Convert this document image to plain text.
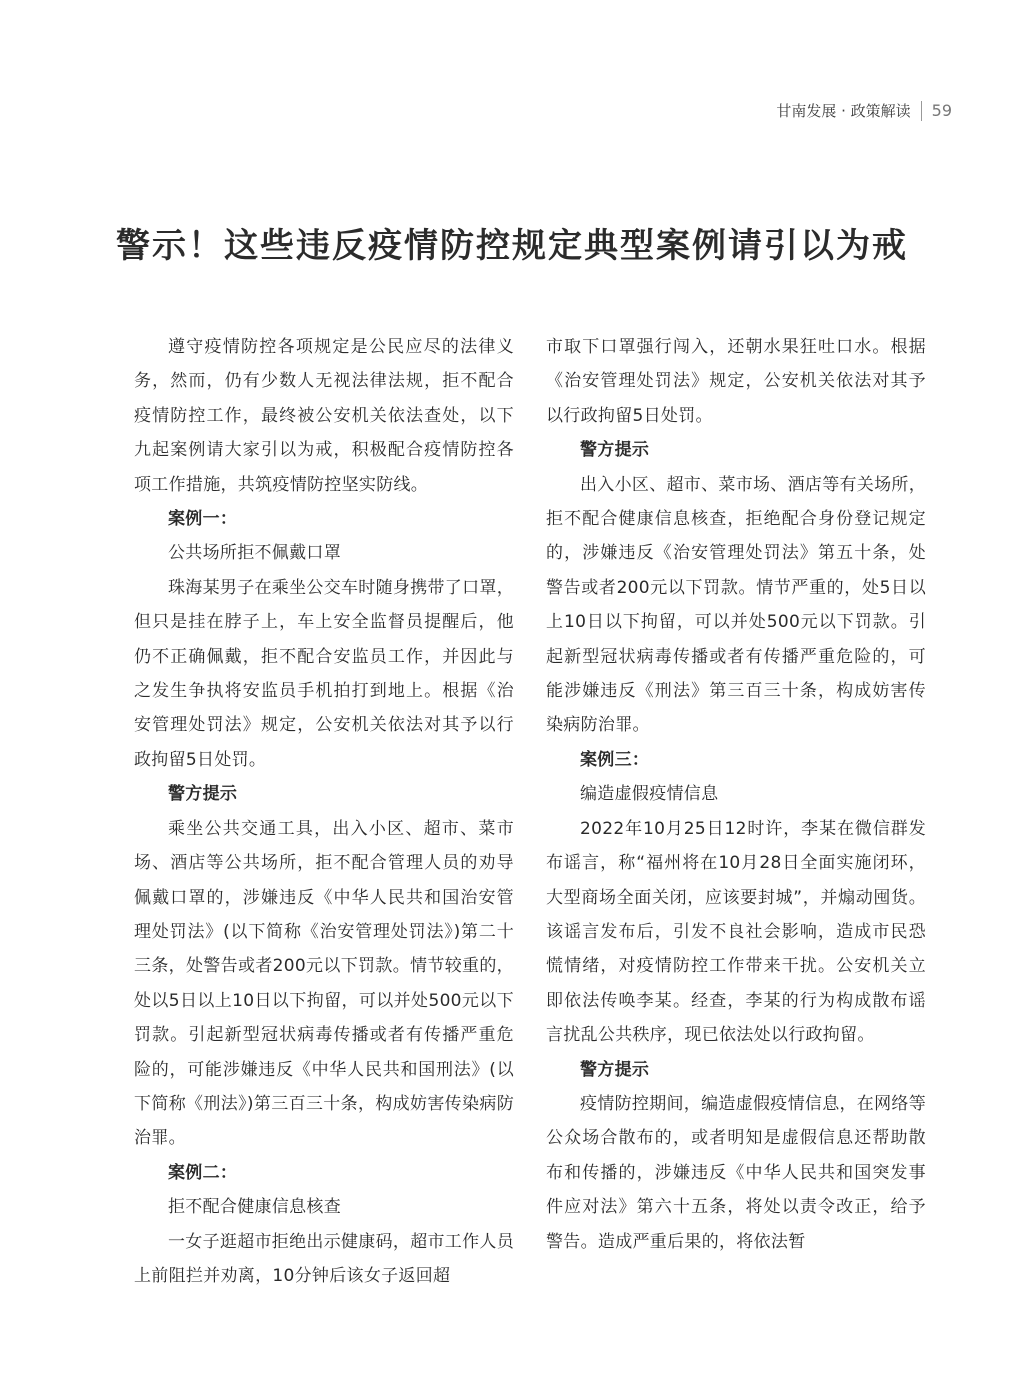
甘南发展 · 政策解读 59
警示！这些违反疫情防控规定典型案例请引以为戒

遵守疫情防控各项规定是公民应尽的法律义务，然而，仍有少数人无视法律法规，拒不配合疫情防控工作，最终被公安机关依法查处，以下九起案例请大家引以为戒，积极配合疫情防控各项工作措施，共筑疫情防控坚实防线。

案例一：

公共场所拒不佩戴口罩

珠海某男子在乘坐公交车时随身携带了口罩，但只是挂在脖子上，车上安全监督员提醒后，他仍不正确佩戴，拒不配合安监员工作，并因此与之发生争执将安监员手机拍打到地上。根据《治安管理处罚法》规定，公安机关依法对其予以行政拘留5日处罚。

警方提示

乘坐公共交通工具，出入小区、超市、菜市场、酒店等公共场所，拒不配合管理人员的劝导佩戴口罩的，涉嫌违反《中华人民共和国治安管理处罚法》(以下简称《治安管理处罚法》)第二十三条，处警告或者200元以下罚款。情节较重的，处以5日以上10日以下拘留，可以并处500元以下罚款。引起新型冠状病毒传播或者有传播严重危险的，可能涉嫌违反《中华人民共和国刑法》(以下简称《刑法》)第三百三十条，构成妨害传染病防治罪。

案例二：

拒不配合健康信息核查

一女子逛超市拒绝出示健康码，超市工作人员上前阻拦并劝离，10分钟后该女子返回超

市取下口罩强行闯入，还朝水果狂吐口水。根据《治安管理处罚法》规定，公安机关依法对其予以行政拘留5日处罚。

警方提示

出入小区、超市、菜市场、酒店等有关场所，拒不配合健康信息核查，拒绝配合身份登记规定的，涉嫌违反《治安管理处罚法》第五十条，处警告或者200元以下罚款。情节严重的，处5日以上10日以下拘留，可以并处500元以下罚款。引起新型冠状病毒传播或者有传播严重危险的，可能涉嫌违反《刑法》第三百三十条，构成妨害传染病防治罪。

案例三：

编造虚假疫情信息

2022年10月25日12时许，李某在微信群发布谣言，称“福州将在10月28日全面实施闭环，大型商场全面关闭，应该要封城”，并煽动囤货。该谣言发布后，引发不良社会影响，造成市民恐慌情绪，对疫情防控工作带来干扰。公安机关立即依法传唤李某。经查，李某的行为构成散布谣言扰乱公共秩序，现已依法处以行政拘留。

警方提示

疫情防控期间，编造虚假疫情信息，在网络等公众场合散布的，或者明知是虚假信息还帮助散布和传播的，涉嫌违反《中华人民共和国突发事件应对法》第六十五条，将处以责令改正，给予警告。造成严重后果的，将依法暂
